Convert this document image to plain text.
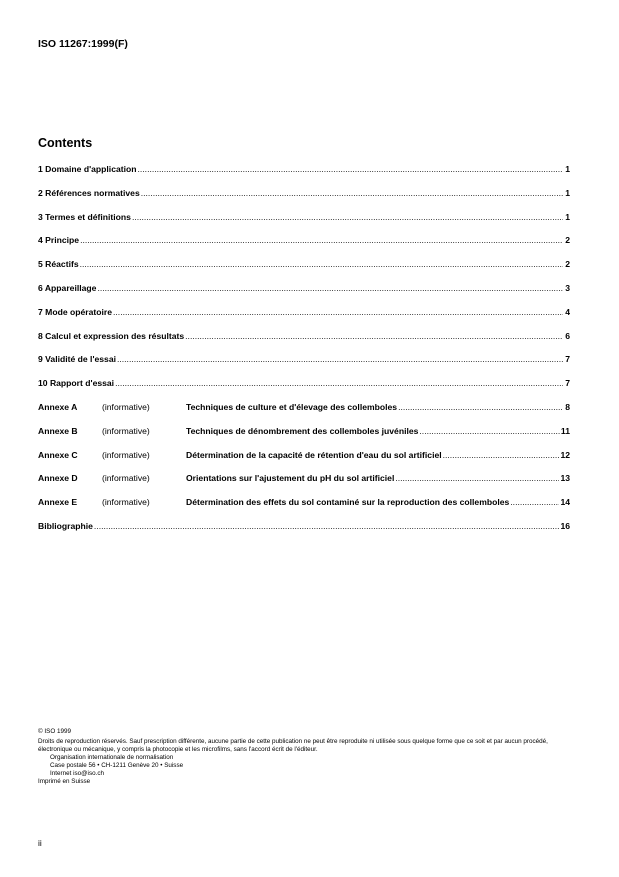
ISO 11267:1999(F)
Contents
1 Domaine d'application .....	1
2 Références normatives .....	1
3 Termes et définitions .....	1
4 Principe .....	2
5 Réactifs .....	2
6 Appareillage .....	3
7 Mode opératoire .....	4
8 Calcul et expression des résultats .....	6
9 Validité de l'essai .....	7
10 Rapport d'essai .....	7
Annexe A	(informative)	Techniques de culture et d'élevage des collemboles .....	8
Annexe B	(informative)	Techniques de dénombrement des collemboles juvéniles .....	11
Annexe C	(informative)	Détermination de la capacité de rétention d'eau du sol artificiel .....	12
Annexe D	(informative)	Orientations sur l'ajustement du pH du sol artificiel .....	13
Annexe E	(informative)	Détermination des effets du sol contaminé sur la reproduction des collemboles .....	14
Bibliographie .....	16

© ISO 1999

Droits de reproduction réservés. Sauf prescription différente, aucune partie de cette publication ne peut être reproduite ni utilisée sous quelque forme que ce soit et par aucun procédé, électronique ou mécanique, y compris la photocopie et les microfilms, sans l'accord écrit de l'éditeur.

Organisation internationale de normalisation

Case postale 56 • CH-1211 Genève 20 • Suisse

Internet iso@iso.ch

Imprimé en Suisse

ii
